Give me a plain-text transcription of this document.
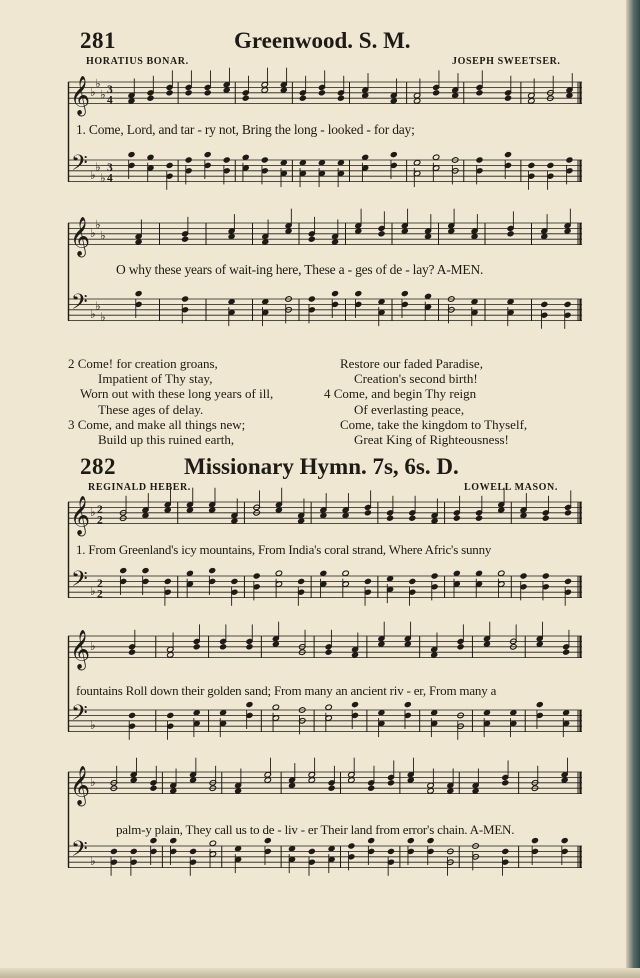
281	Greenwood. S. M.
HORATIUS BONAR.	JOSEPH SWEETSER.
𝄞
𝄢
♭
♭
♭
♭
♭
♭
3
4
3
4
1. Come, Lord, and tar - ry not, Bring the long - looked - for day;
𝄞
𝄢
♭
♭
♭
♭
♭
♭
O why these years of wait-ing here, These a - ges of de - lay? A-MEN.
2 Come! for creation groans,
Impatient of Thy stay,
Worn out with these long years of ill,
These ages of delay.
3 Come, and make all things new;
Build up this ruined earth,
Restore our faded Paradise,
Creation's second birth!
4 Come, and begin Thy reign
Of everlasting peace,
Come, take the kingdom to Thyself,
Great King of Righteousness!
282	Missionary Hymn. 7s, 6s. D.
REGINALD HEBER.	LOWELL MASON.
𝄞
𝄢
♭
♭
2
2
2
2
1. From Greenland's icy mountains, From India's coral strand, Where Afric's sunny
𝄞
𝄢
♭
♭
fountains Roll down their golden sand; From many an ancient riv - er, From many a
𝄞
𝄢
♭
♭
palm-y plain, They call us to de - liv - er Their land from error's chain. A-MEN.
